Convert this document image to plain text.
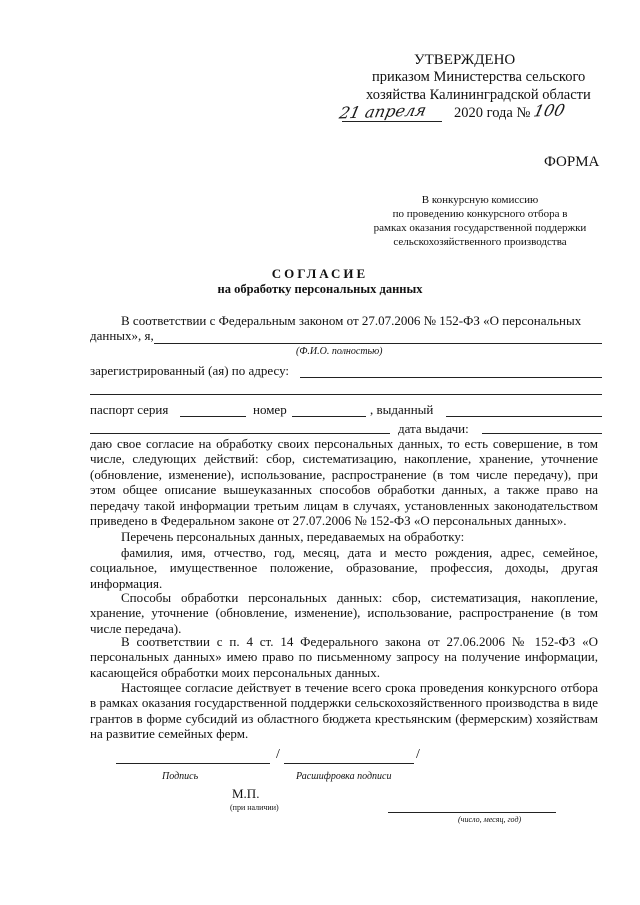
УТВЕРЖДЕНО
приказом Министерства сельского
хозяйства Калининградской области
21 апреля 2020 года № 100
ФОРМА
В конкурсную комиссию
по проведению конкурсного отбора в
рамках оказания государственной поддержки
сельскохозяйственного производства
СОГЛАСИЕ
на обработку персональных данных
В соответствии с Федеральным законом от 27.07.2006 № 152-ФЗ «О персональных
данных», я,
(Ф.И.О. полностью)
зарегистрированный (ая) по адресу:
паспорт серия	номер	, выданный
дата выдачи:
даю свое согласие на обработку своих персональных данных, то есть совершение, в том числе, следующих действий: сбор, систематизацию, накопление, хранение, уточнение (обновление, изменение), использование, распространение (в том числе передачу), при этом общее описание вышеуказанных способов обработки данных, а также право на передачу такой информации третьим лицам в случаях, установленных законодательством приведено в Федеральном законе от 27.07.2006 № 152-ФЗ «О персональных данных».
Перечень персональных данных, передаваемых на обработку:
фамилия, имя, отчество, год, месяц, дата и место рождения, адрес, семейное, социальное, имущественное положение, образование, профессия, доходы, другая информация.
Способы обработки персональных данных: сбор, систематизация, накопление, хранение, уточнение (обновление, изменение), использование, распространение (в том числе передача).
В соответствии с п. 4 ст. 14 Федерального закона от 27.06.2006 № 152-ФЗ «О персональных данных» имею право по письменному запросу на получение информации, касающейся обработки моих персональных данных.
Настоящее согласие действует в течение всего срока проведения конкурсного отбора в рамках оказания государственной поддержки сельскохозяйственного производства в виде грантов в форме субсидий из областного бюджета крестьянским (фермерским) хозяйствам на развитие семейных ферм.
/	/
Подпись	Расшифровка подписи
М.П.
(при наличии)
(число, месяц, год)
